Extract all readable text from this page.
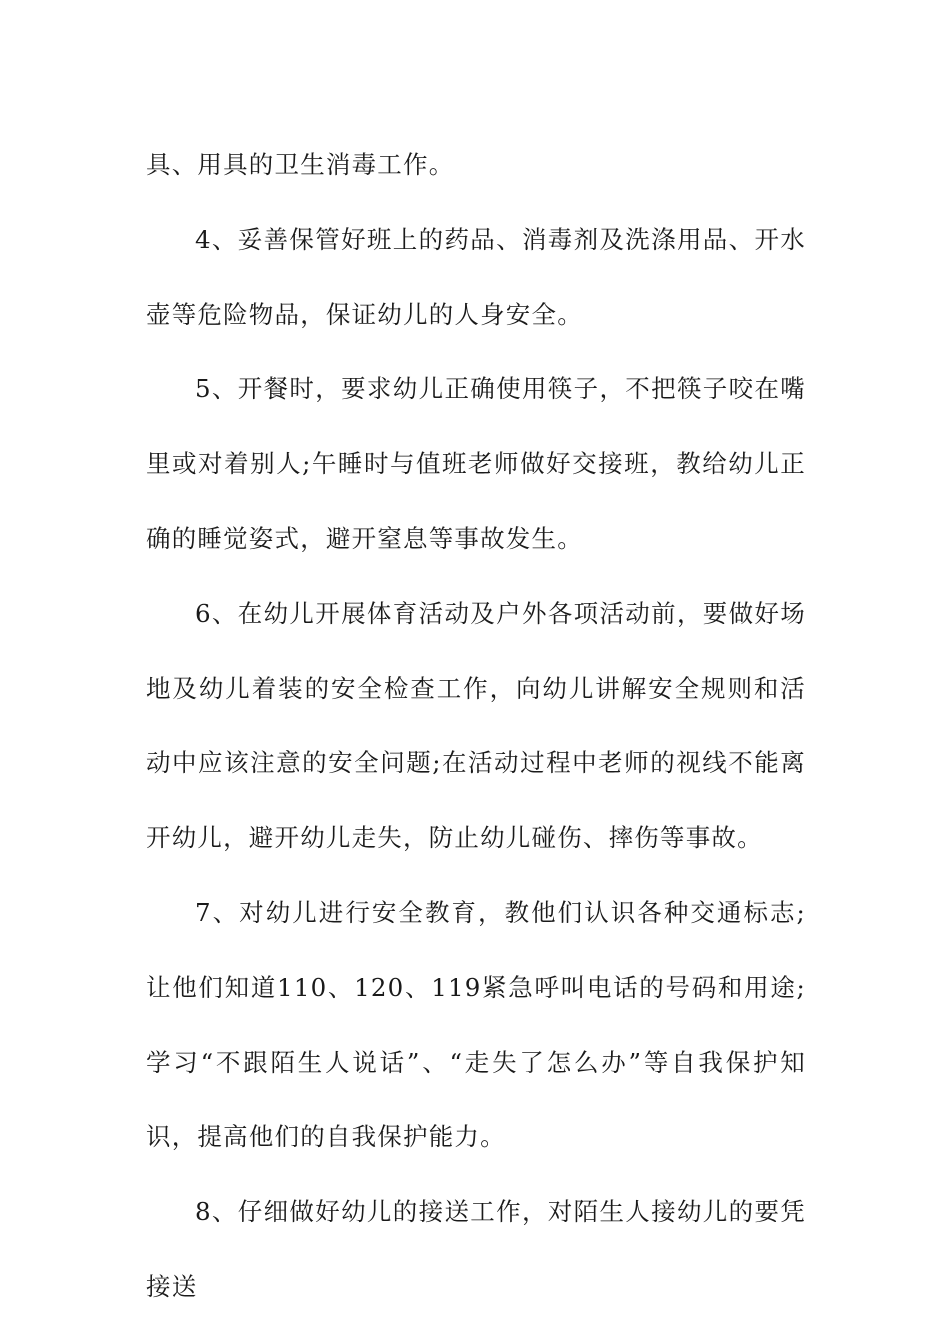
具、用具的卫生消毒工作。

4、妥善保管好班上的药品、消毒剂及洗涤用品、开水壶等危险物品，保证幼儿的人身安全。

5、开餐时，要求幼儿正确使用筷子，不把筷子咬在嘴里或对着别人;午睡时与值班老师做好交接班，教给幼儿正确的睡觉姿式，避开窒息等事故发生。

6、在幼儿开展体育活动及户外各项活动前，要做好场地及幼儿着装的安全检查工作，向幼儿讲解安全规则和活动中应该注意的安全问题;在活动过程中老师的视线不能离开幼儿，避开幼儿走失，防止幼儿碰伤、摔伤等事故。

7、对幼儿进行安全教育，教他们认识各种交通标志;让他们知道110、120、119紧急呼叫电话的号码和用途;学习“不跟陌生人说话”、“走失了怎么办”等自我保护知识，提高他们的自我保护能力。

8、仔细做好幼儿的接送工作，对陌生人接幼儿的要凭接送
